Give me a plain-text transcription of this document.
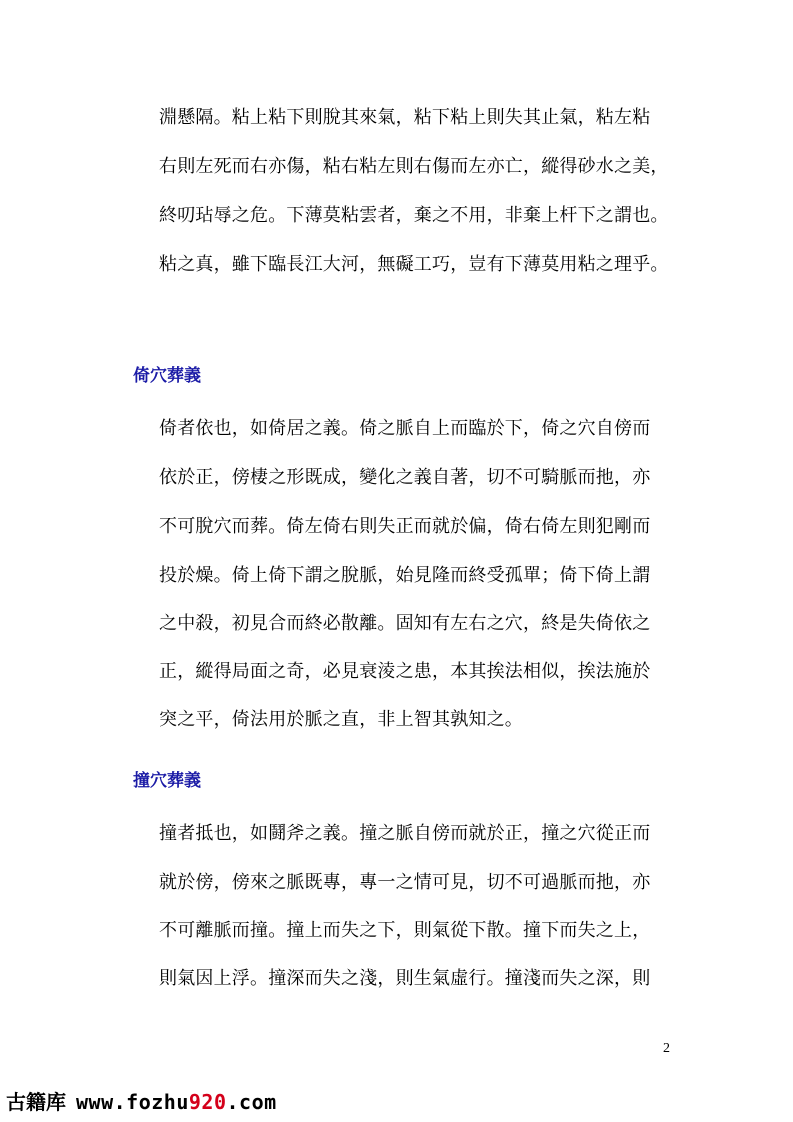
淵懸隔。粘上粘下則脫其來氣，粘下粘上則失其止氣，粘左粘

右則左死而右亦傷，粘右粘左則右傷而左亦亡，縱得砂水之美，

終叨玷辱之危。下薄莫粘雲者，棄之不用，非棄上杆下之謂也。

粘之真，雖下臨長江大河，無礙工巧，豈有下薄莫用粘之理乎。

倚穴葬義

倚者依也，如倚居之義。倚之脈自上而臨於下，倚之穴自傍而

依於正，傍棲之形既成，變化之義自著，切不可騎脈而扡，亦

不可脫穴而葬。倚左倚右則失正而就於偏，倚右倚左則犯剛而

投於燥。倚上倚下謂之脫脈，始見隆而終受孤單；倚下倚上謂

之中殺，初見合而終必散離。固知有左右之穴，終是失倚依之

正，縱得局面之奇，必見衰淩之患，本其挨法相似，挨法施於

突之平，倚法用於脈之直，非上智其孰知之。

撞穴葬義

撞者抵也，如鬪斧之義。撞之脈自傍而就於正，撞之穴從正而

就於傍，傍來之脈既專，專一之情可見，切不可過脈而扡，亦

不可離脈而撞。撞上而失之下，則氣從下散。撞下而失之上，

則氣因上浮。撞深而失之淺，則生氣虛行。撞淺而失之深，則

2
古籍库 www.fozhu920.com
